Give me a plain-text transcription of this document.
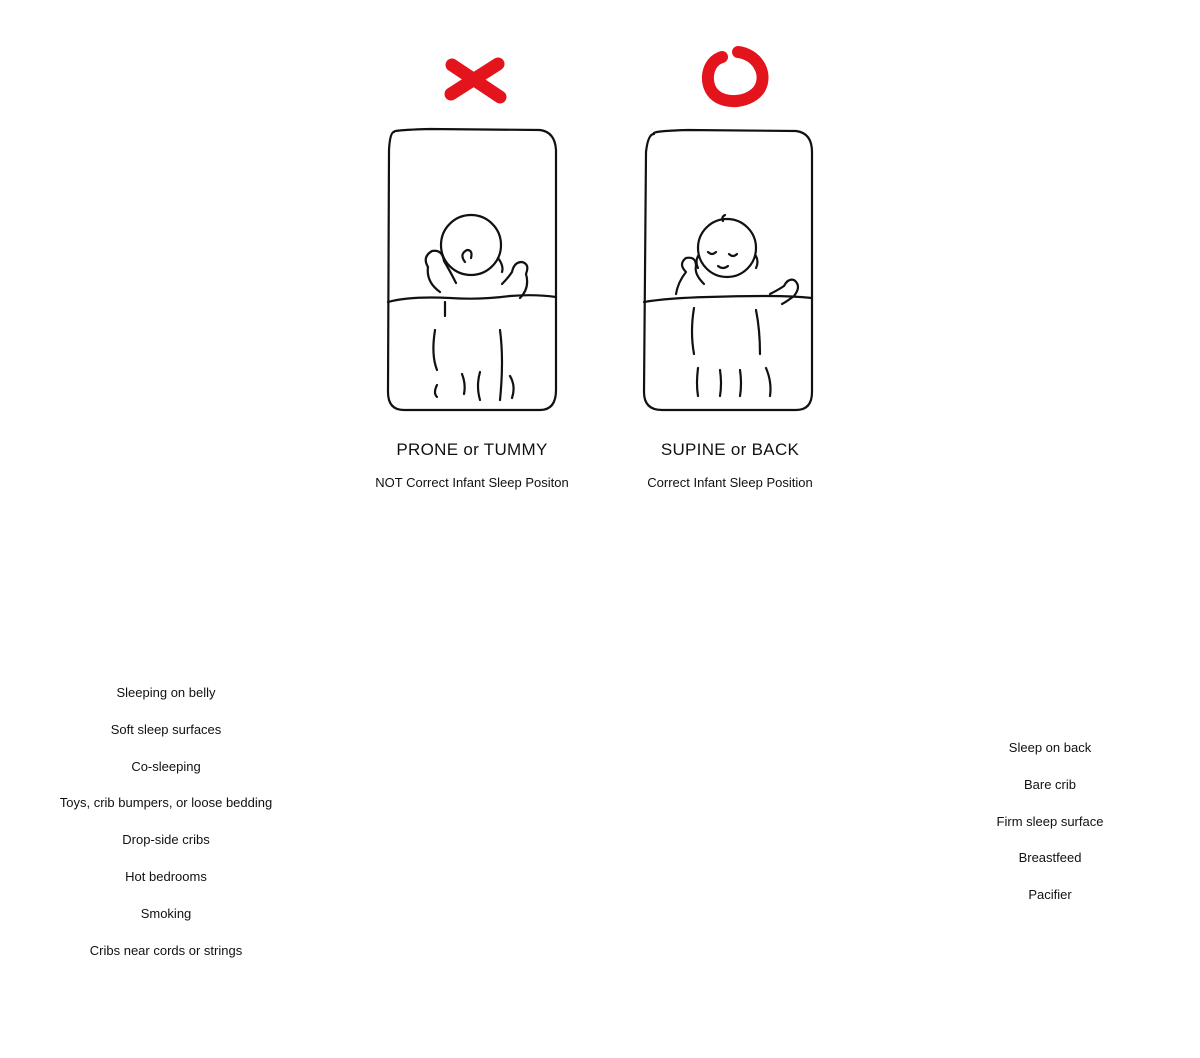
PRONE or TUMMY
NOT Correct Infant Sleep Positon
SUPINE or BACK
Correct Infant Sleep Position
Sleeping on belly
Soft sleep surfaces
Co-sleeping
Toys, crib bumpers, or loose bedding
Drop-side cribs
Hot bedrooms
Smoking
Cribs near cords or strings
Sleep on back
Bare crib
Firm sleep surface
Breastfeed
Pacifier
